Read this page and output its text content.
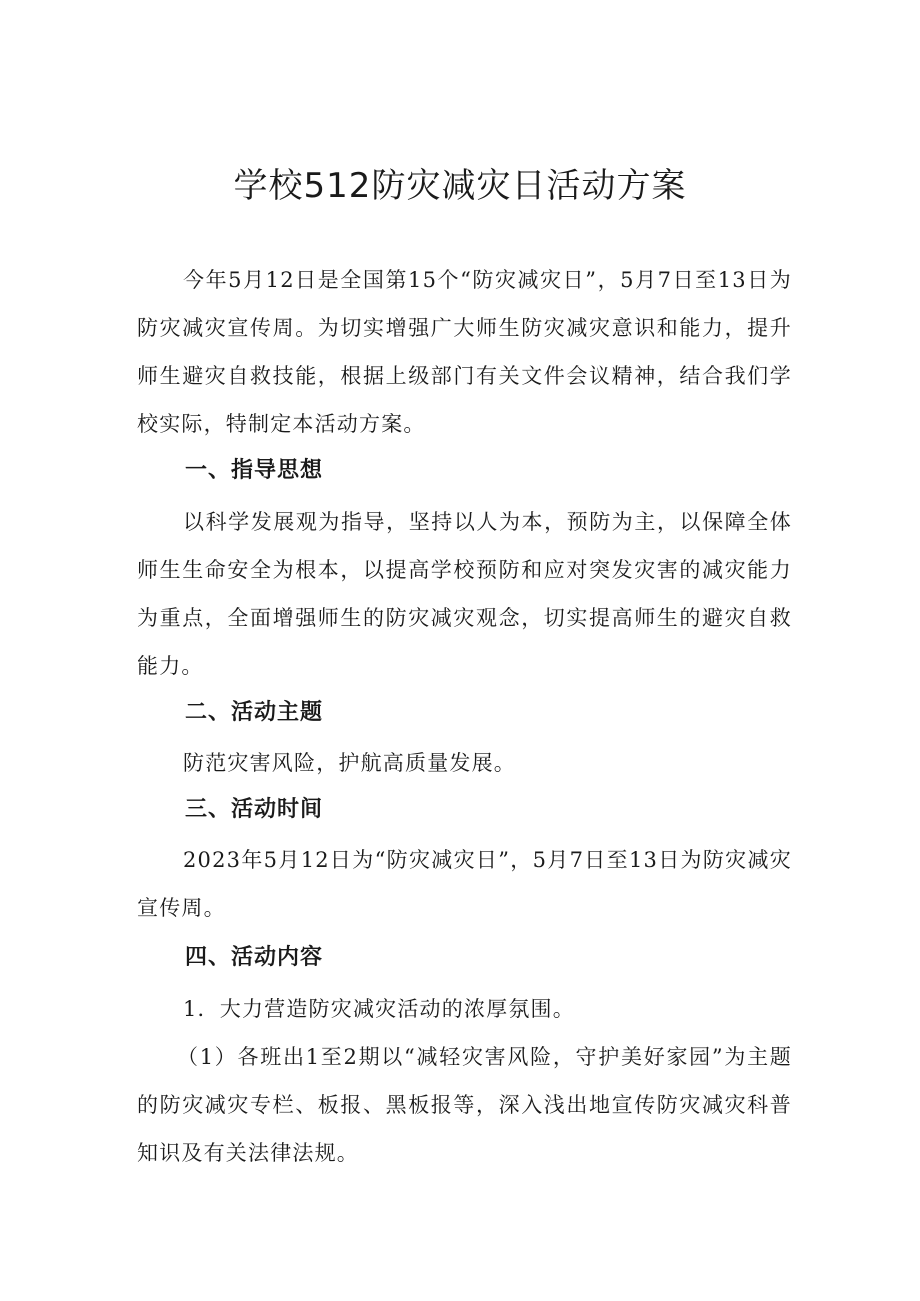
学校512防灾减灾日活动方案

今年5月12日是全国第15个“防灾减灾日”，5月7日至13日为防灾减灾宣传周。为切实增强广大师生防灾减灾意识和能力，提升师生避灾自救技能，根据上级部门有关文件会议精神，结合我们学校实际，特制定本活动方案。

一、指导思想

以科学发展观为指导，坚持以人为本，预防为主，以保障全体师生生命安全为根本，以提高学校预防和应对突发灾害的减灾能力为重点，全面增强师生的防灾减灾观念，切实提高师生的避灾自救能力。

二、活动主题

防范灾害风险，护航高质量发展。

三、活动时间

2023年5月12日为“防灾减灾日”，5月7日至13日为防灾减灾宣传周。

四、活动内容

1．大力营造防灾减灾活动的浓厚氛围。

（1）各班出1至2期以“减轻灾害风险，守护美好家园”为主题的防灾减灾专栏、板报、黑板报等，深入浅出地宣传防灾减灾科普知识及有关法律法规。
